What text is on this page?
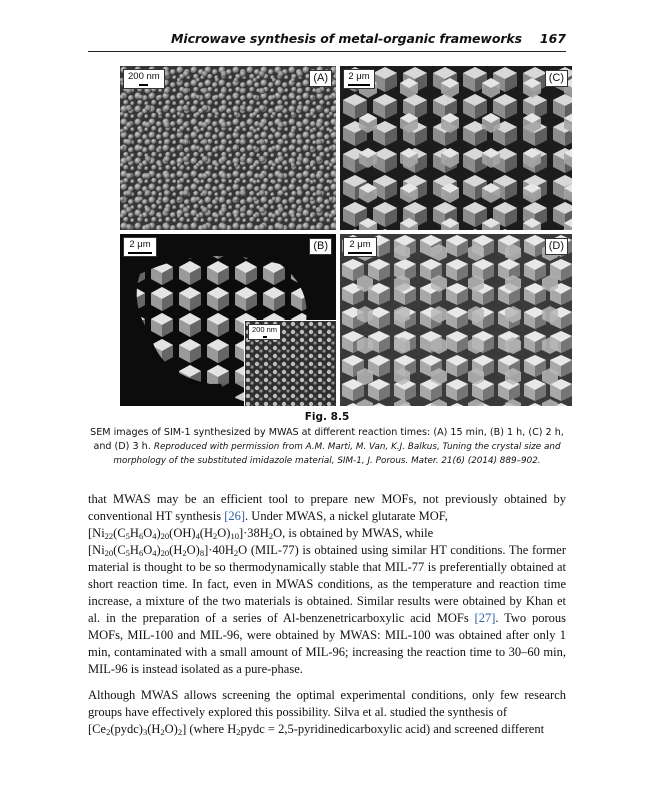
Microwave synthesis of metal-organic frameworks 167
200 nm	(A)	2 μm	(C)
2 μm	(B)
200 nm
2 μm	(D)
Fig. 8.5
SEM images of SIM-1 synthesized by MWAS at different reaction times: (A) 15 min, (B) 1 h, (C) 2 h, and (D) 3 h. Reproduced with permission from A.M. Marti, M. Van, K.J. Balkus, Tuning the crystal size and morphology of the substituted imidazole material, SIM-1, J. Porous. Mater. 21(6) (2014) 889–902.

that MWAS may be an efficient tool to prepare new MOFs, not previously obtained by conventional HT synthesis [26]. Under MWAS, a nickel glutarate MOF,
$[Ni_{22}(C_5H_6O_4)_{20}(OH)_4(H_2O)_{10}]\cdot 38H_2O$, is obtained by MWAS, while
$[Ni_{20}(C_5H_6O_4)_{20}(H_2O)_8]\cdot 40H_2O$ (MIL-77) is obtained using similar HT conditions. The former material is thought to be so thermodynamically stable that MIL-77 is preferentially obtained at short reaction time. In fact, even in MWAS conditions, as the temperature and reaction time increase, a mixture of the two materials is obtained. Similar results were obtained by Khan et al. in the preparation of a series of Al-benzenetricarboxylic acid MOFs [27]. Two porous MOFs, MIL-100 and MIL-96, were obtained by MWAS: MIL-100 was obtained after only 1 min, contaminated with a small amount of MIL-96; increasing the reaction time to 30–60 min, MIL-96 is instead isolated as a pure-phase.

Although MWAS allows screening the optimal experimental conditions, only few research groups have effectively explored this possibility. Silva et al. studied the synthesis of
$[Ce_2(pydc)_3(H_2O)_2]$ (where $H_2pydc$ = 2,5-pyridinedicarboxylic acid) and screened different
